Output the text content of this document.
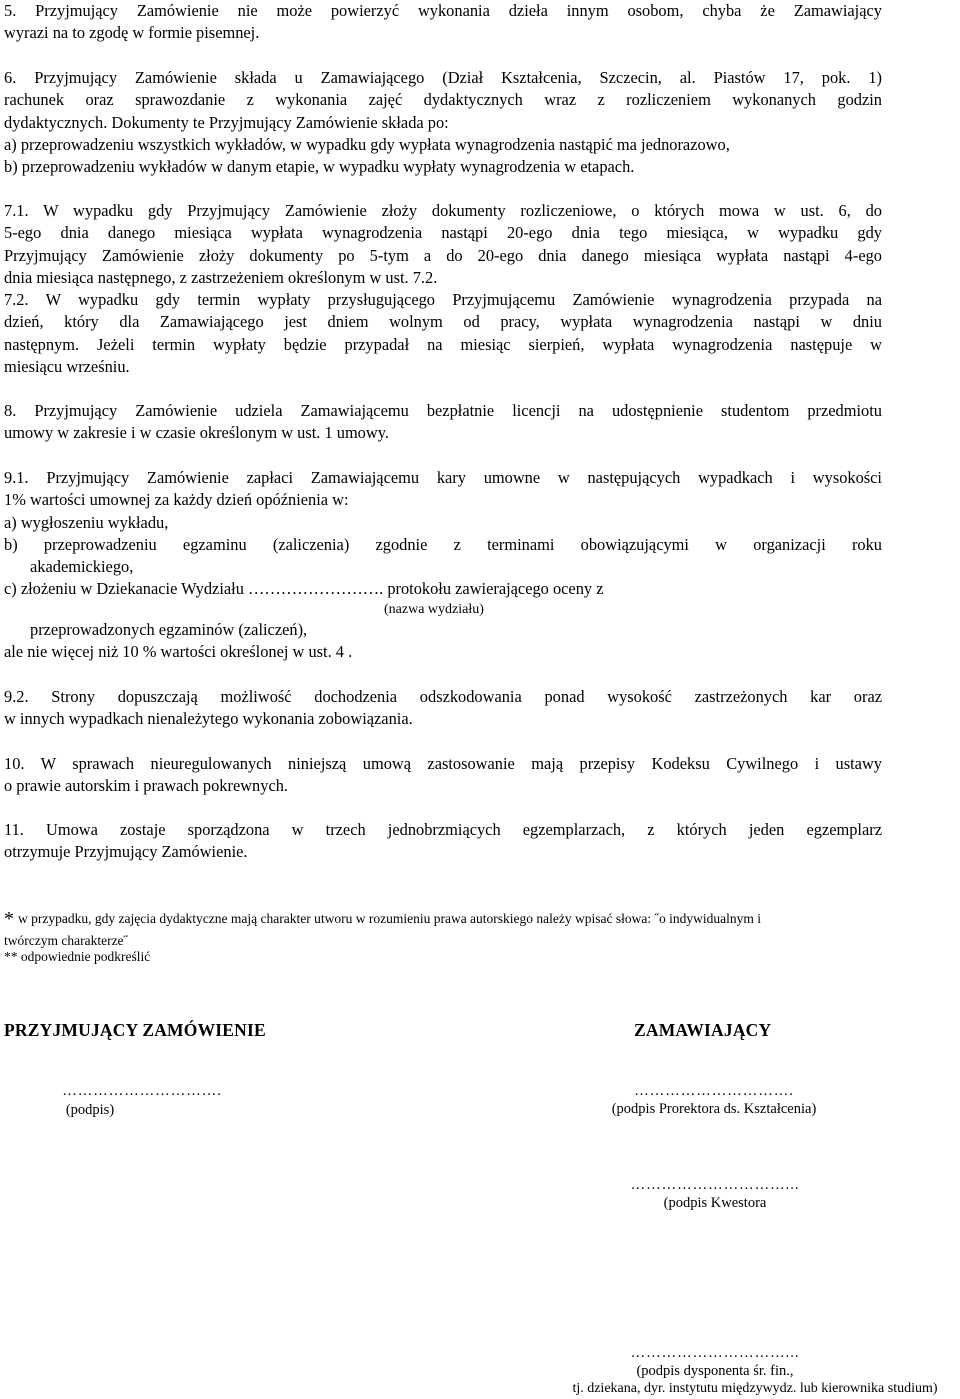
5. Przyjmujący Zamówienie nie może powierzyć wykonania dzieła innym osobom, chyba że Zamawiający
wyrazi na to zgodę w formie pisemnej.
6. Przyjmujący Zamówienie składa u Zamawiającego (Dział Kształcenia, Szczecin, al. Piastów 17, pok. 1)
rachunek oraz sprawozdanie z wykonania zajęć dydaktycznych wraz z rozliczeniem wykonanych godzin
dydaktycznych. Dokumenty te Przyjmujący Zamówienie składa po:
a) przeprowadzeniu wszystkich wykładów, w wypadku gdy wypłata wynagrodzenia nastąpić ma jednorazowo,
b) przeprowadzeniu wykładów w danym etapie, w wypadku wypłaty wynagrodzenia w etapach.
7.1. W wypadku gdy Przyjmujący Zamówienie złoży dokumenty rozliczeniowe, o których mowa w ust. 6, do
5-ego dnia danego miesiąca wypłata wynagrodzenia nastąpi 20-ego dnia tego miesiąca, w wypadku gdy
Przyjmujący Zamówienie złoży dokumenty po 5-tym a do 20-ego dnia danego miesiąca wypłata nastąpi 4-ego
dnia miesiąca następnego, z zastrzeżeniem określonym w ust. 7.2.
7.2. W wypadku gdy termin wypłaty przysługującego Przyjmującemu Zamówienie wynagrodzenia przypada na
dzień, który dla Zamawiającego jest dniem wolnym od pracy, wypłata wynagrodzenia nastąpi w dniu
następnym. Jeżeli termin wypłaty będzie przypadał na miesiąc sierpień, wypłata wynagrodzenia następuje w
miesiącu wrześniu.
8. Przyjmujący Zamówienie udziela Zamawiającemu bezpłatnie licencji na udostępnienie studentom przedmiotu
umowy w zakresie i w czasie określonym w ust. 1 umowy.
9.1. Przyjmujący Zamówienie zapłaci Zamawiającemu kary umowne w następujących wypadkach i wysokości
1% wartości umownej za każdy dzień opóźnienia w:
a) wygłoszeniu wykładu,
b) przeprowadzeniu egzaminu (zaliczenia) zgodnie z terminami obowiązującymi w organizacji roku
akademickiego,
c) złożeniu w Dziekanacie Wydziału ……………………. protokołu zawierającego oceny z
(nazwa wydziału)
przeprowadzonych egzaminów (zaliczeń),
ale nie więcej niż 10 % wartości określonej w ust. 4 .
9.2. Strony dopuszczają możliwość dochodzenia odszkodowania ponad wysokość zastrzeżonych kar oraz
w innych wypadkach nienależytego wykonania zobowiązania.
10. W sprawach nieuregulowanych niniejszą umową zastosowanie mają przepisy Kodeksu Cywilnego i ustawy
o prawie autorskim i prawach pokrewnych.
11. Umowa zostaje sporządzona w trzech jednobrzmiących egzemplarzach, z których jeden egzemplarz
otrzymuje Przyjmujący Zamówienie.
* w przypadku, gdy zajęcia dydaktyczne mają charakter utworu w rozumieniu prawa autorskiego należy wpisać słowa: ˝o indywidualnym i
twórczym charakterze˝
** odpowiednie podkreślić
PRZYJMUJĄCY ZAMÓWIENIE	ZAMAWIAJĄCY
………………………….
(podpis)
………………………….
(podpis Prorektora ds. Kształcenia)
…………………………...
(podpis Kwestora
…………………………...
(podpis dysponenta śr. fin.,
tj. dziekana, dyr. instytutu międzywydz. lub kierownika studium)
